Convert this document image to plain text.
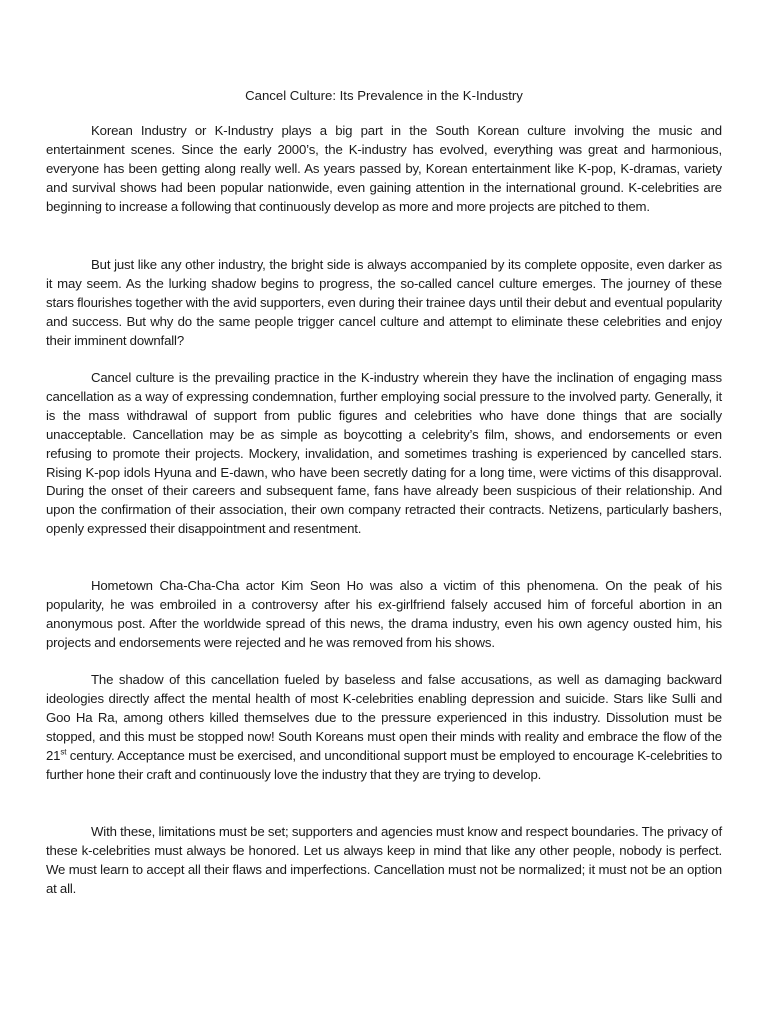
Cancel Culture: Its Prevalence in the K-Industry

Korean Industry or K-Industry plays a big part in the South Korean culture involving the music and entertainment scenes. Since the early 2000’s, the K-industry has evolved, everything was great and harmonious, everyone has been getting along really well. As years passed by, Korean entertainment like K-pop, K-dramas, variety and survival shows had been popular nationwide, even gaining attention in the international ground. K-celebrities are beginning to increase a following that continuously develop as more and more projects are pitched to them.

But just like any other industry, the bright side is always accompanied by its complete opposite, even darker as it may seem. As the lurking shadow begins to progress, the so-called cancel culture emerges. The journey of these stars flourishes together with the avid supporters, even during their trainee days until their debut and eventual popularity and success. But why do the same people trigger cancel culture and attempt to eliminate these celebrities and enjoy their imminent downfall?

Cancel culture is the prevailing practice in the K-industry wherein they have the inclination of engaging mass cancellation as a way of expressing condemnation, further employing social pressure to the involved party. Generally, it is the mass withdrawal of support from public figures and celebrities who have done things that are socially unacceptable. Cancellation may be as simple as boycotting a celebrity’s film, shows, and endorsements or even refusing to promote their projects. Mockery, invalidation, and sometimes trashing is experienced by cancelled stars. Rising K-pop idols Hyuna and E-dawn, who have been secretly dating for a long time, were victims of this disapproval. During the onset of their careers and subsequent fame, fans have already been suspicious of their relationship. And upon the confirmation of their association, their own company retracted their contracts. Netizens, particularly bashers, openly expressed their disappointment and resentment.

Hometown Cha-Cha-Cha actor Kim Seon Ho was also a victim of this phenomena. On the peak of his popularity, he was embroiled in a controversy after his ex-girlfriend falsely accused him of forceful abortion in an anonymous post. After the worldwide spread of this news, the drama industry, even his own agency ousted him, his projects and endorsements were rejected and he was removed from his shows.

The shadow of this cancellation fueled by baseless and false accusations, as well as damaging backward ideologies directly affect the mental health of most K-celebrities enabling depression and suicide. Stars like Sulli and Goo Ha Ra, among others killed themselves due to the pressure experienced in this industry. Dissolution must be stopped, and this must be stopped now! South Koreans must open their minds with reality and embrace the flow of the 21st century. Acceptance must be exercised, and unconditional support must be employed to encourage K-celebrities to further hone their craft and continuously love the industry that they are trying to develop.

With these, limitations must be set; supporters and agencies must know and respect boundaries. The privacy of these k-celebrities must always be honored. Let us always keep in mind that like any other people, nobody is perfect. We must learn to accept all their flaws and imperfections. Cancellation must not be normalized; it must not be an option at all.
